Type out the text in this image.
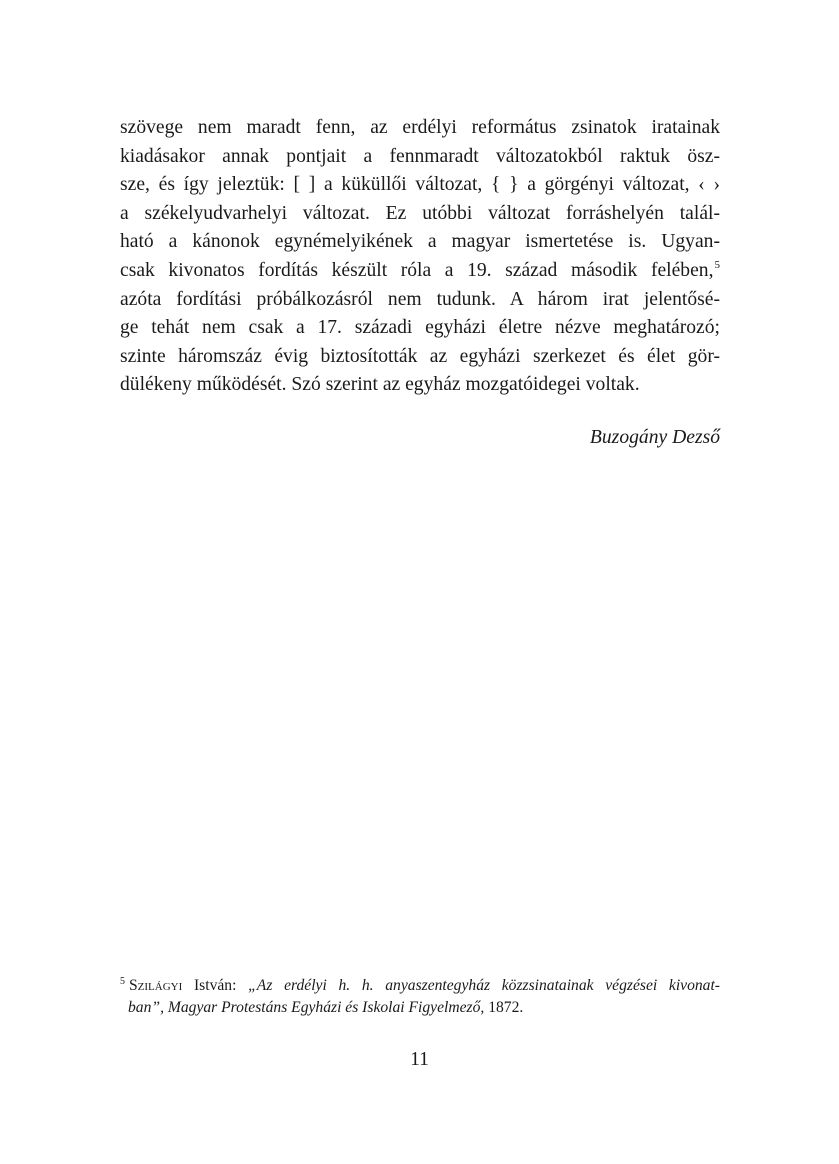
szövege nem maradt fenn, az erdélyi református zsinatok iratainak
kiadásakor annak pontjait a fennmaradt változatokból raktuk ösz-
sze, és így jeleztük: [ ] a küküllői változat, { } a görgényi változat, ‹ ›
a székelyudvarhelyi változat. Ez utóbbi változat forráshelyén talál-
ható a kánonok egynémelyikének a magyar ismertetése is. Ugyan-
csak kivonatos fordítás készült róla a 19. század második felében,$^5$
azóta fordítási próbálkozásról nem tudunk. A három irat jelentősé-
ge tehát nem csak a 17. századi egyházi életre nézve meghatározó;
szinte háromszáz évig biztosították az egyházi szerkezet és élet gör-
dülékeny működését. Szó szerint az egyház mozgatóidegei voltak.

Buzogány Dezső

$^5$ Szilágyi István: „Az erdélyi h. h. anyaszentegyház közzsinatainak végzései kivonat-
ban”, Magyar Protestáns Egyházi és Iskolai Figyelmező, 1872.

11
